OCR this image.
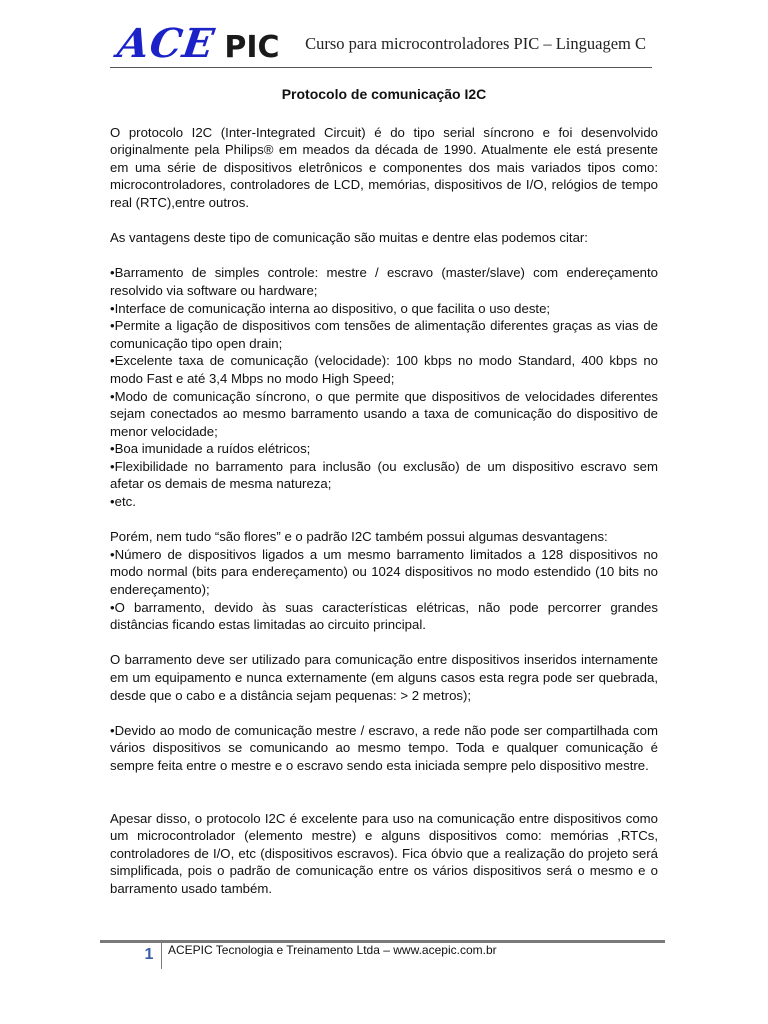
ACE PIC Curso para microcontroladores PIC – Linguagem C
Protocolo de comunicação I2C

O protocolo I2C (Inter-Integrated Circuit) é do tipo serial síncrono e foi desenvolvido originalmente pela Philips® em meados da década de 1990. Atualmente ele está presente em uma série de dispositivos eletrônicos e componentes dos mais variados tipos como: microcontroladores, controladores de LCD, memórias, dispositivos de I/O, relógios de tempo real (RTC),entre outros.

As vantagens deste tipo de comunicação são muitas e dentre elas podemos citar:

•Barramento de simples controle: mestre / escravo (master/slave) com endereçamento resolvido via software ou hardware;

•Interface de comunicação interna ao dispositivo, o que facilita o uso deste;

•Permite a ligação de dispositivos com tensões de alimentação diferentes graças as vias de comunicação tipo open drain;

•Excelente taxa de comunicação (velocidade): 100 kbps no modo Standard, 400 kbps no modo Fast e até 3,4 Mbps no modo High Speed;

•Modo de comunicação síncrono, o que permite que dispositivos de velocidades diferentes sejam conectados ao mesmo barramento usando a taxa de comunicação do dispositivo de menor velocidade;

•Boa imunidade a ruídos elétricos;

•Flexibilidade no barramento para inclusão (ou exclusão) de um dispositivo escravo sem afetar os demais de mesma natureza;

•etc.

Porém, nem tudo “são flores” e o padrão I2C também possui algumas desvantagens:

•Número de dispositivos ligados a um mesmo barramento limitados a 128 dispositivos no modo normal (bits para endereçamento) ou 1024 dispositivos no modo estendido (10 bits no endereçamento);

•O barramento, devido às suas características elétricas, não pode percorrer grandes distâncias ficando estas limitadas ao circuito principal.

O barramento deve ser utilizado para comunicação entre dispositivos inseridos internamente em um equipamento e nunca externamente (em alguns casos esta regra pode ser quebrada, desde que o cabo e a distância sejam pequenas: > 2 metros);

•Devido ao modo de comunicação mestre / escravo, a rede não pode ser compartilhada com vários dispositivos se comunicando ao mesmo tempo. Toda e qualquer comunicação é sempre feita entre o mestre e o escravo sendo esta iniciada sempre pelo dispositivo mestre.

Apesar disso, o protocolo I2C é excelente para uso na comunicação entre dispositivos como um microcontrolador (elemento mestre) e alguns dispositivos como: memórias ,RTCs, controladores de I/O, etc (dispositivos escravos). Fica óbvio que a realização do projeto será simplificada, pois o padrão de comunicação entre os vários dispositivos será o mesmo e o barramento usado também.

1	ACEPIC Tecnologia e Treinamento Ltda – www.acepic.com.br
